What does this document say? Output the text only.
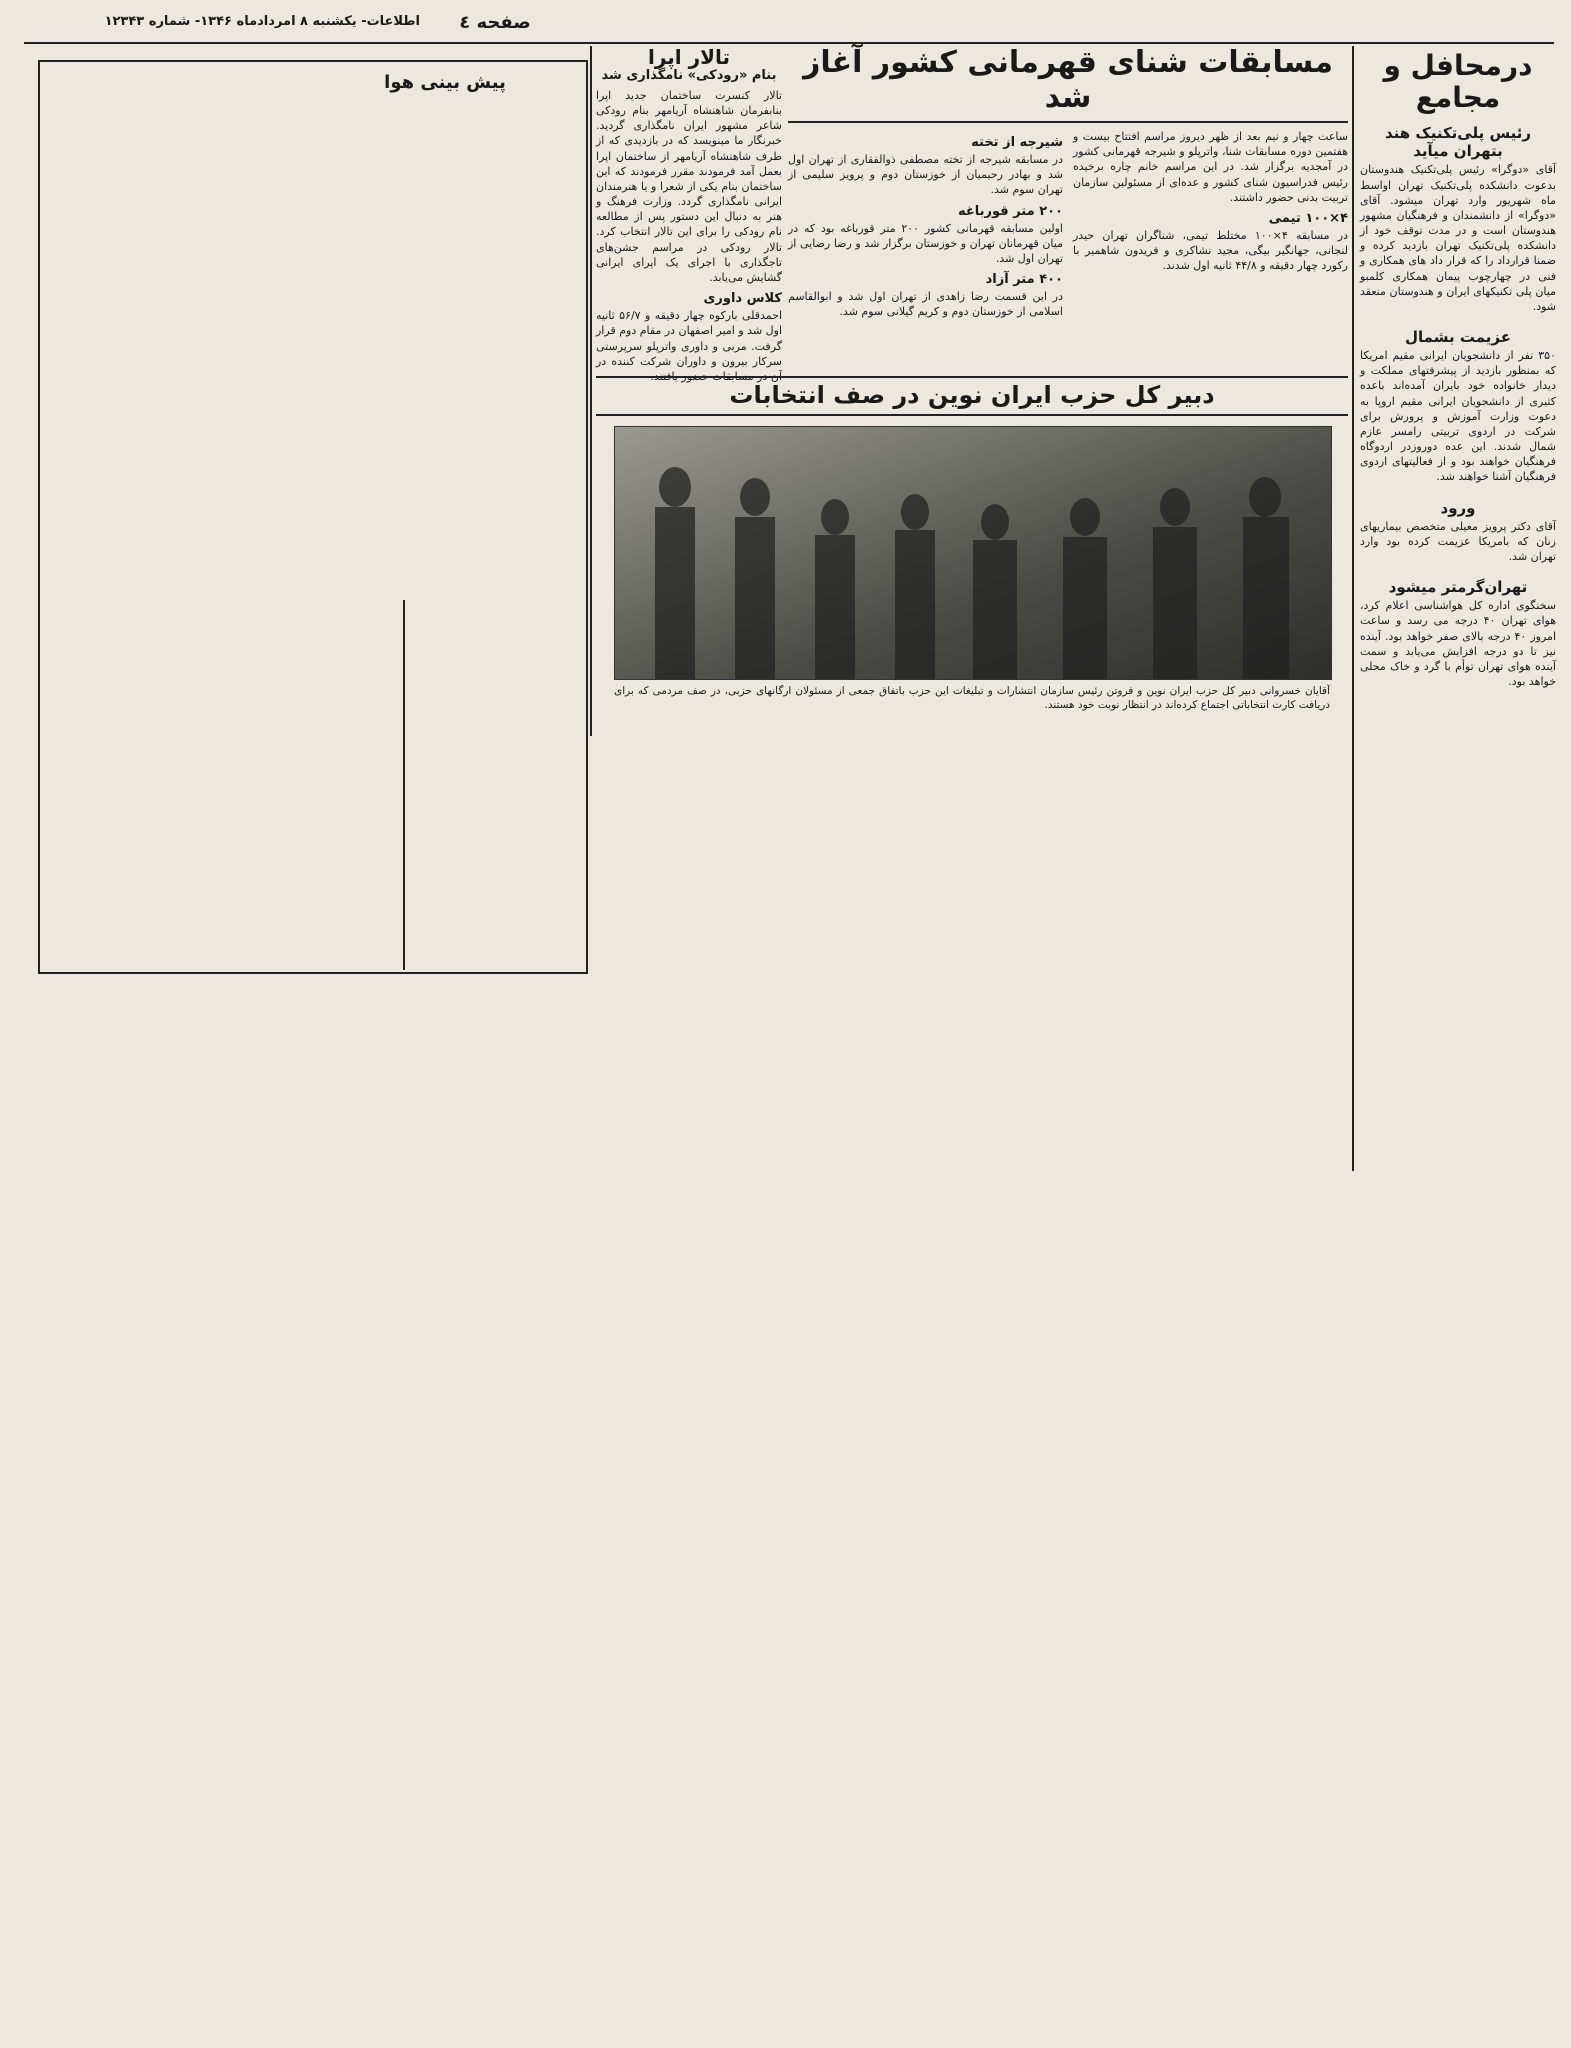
اطلاعات- یکشنبه ۸ امردادماه ۱۳۴۶- شماره ۱۲۳۴۳	صفحه ٤
درمحافل و مجامع
رئیس پلی‌تکنیک هند بتهران میآید
آقای «دوگرا» رئیس پلی‌تکنیک هندوستان بدعوت دانشکده پلی‌تکنیک تهران اواسط ماه شهریور وارد تهران میشود. آقای «دوگرا» از دانشمندان و فرهنگیان مشهور هندوستان است و در مدت توقف خود از دانشکده پلی‌تکنیک تهران بازدید کرده و ضمنا قرارداد را که قرار داد های همکاری و فنی در چهارچوب پیمان همکاری کلمبو میان پلی تکنیکهای ایران و هندوستان منعقد شود.
عزیمت بشمال
۳۵۰ نفر از دانشجویان ایرانی مقیم امریکا که بمنظور بازدید از پیشرفتهای مملکت و دیدار خانواده خود بایران آمده‌اند باعده کثیری از دانشجویان ایرانی مقیم اروپا به دعوت وزارت آموزش و پرورش برای شرکت در اردوی تربیتی رامسر عازم شمال شدند. این عده دوروزدر اردوگاه فرهنگیان خواهند بود و از فعالیتهای اردوی فرهنگیان آشنا خواهند شد.
ورود
آقای دکتر پرویز معیلی متخصص بیماریهای زنان که بامریکا عزیمت کرده بود وارد تهران شد.
تهران‌گرمتر میشود
سخنگوی اداره کل هواشناسی اعلام کرد، هوای تهران ۴۰ درجه می رسد و ساعت امروز ۴۰ درجه بالای صفر خواهد بود. آینده نیز تا دو درجه افزایش می‌یابد و سمت آینده هوای تهران توأم با گرد و خاک محلی خواهد بود.
مسابقات شنای قهرمانی کشور آغاز شد
ساعت چهار و نیم بعد از ظهر دیروز مراسم افتتاح بیست و هفتمین دوره مسابقات شنا، واترپلو و شیرجه قهرمانی کشور در آمجدیه برگزار شد. در این مراسم خانم چاره برخیده رئیس فدراسیون شنای کشور و عده‌ای از مسئولین سازمان تربیت بدنی حضور داشتند.
۴×۱۰۰ تیمی
در مسابقه ۴×۱۰۰ مختلط تیمی، شناگران تهران حیدر لنجانی، جهانگیر بیگی، مجید نشاکری و فریدون شاهمیر با رکورد چهار دقیقه و ۴۴/۸ ثانیه اول شدند.
شیرجه از تخته
در مسابقه شیرجه از تخته مصطفی ذوالفقاری از تهران اول شد و بهادر رحیمیان از خوزستان دوم و پرویز سلیمی از تهران سوم شد.
۲۰۰ متر قورباغه
اولین مسابقه قهرمانی کشور ۲۰۰ متر قورباغه بود که در میان قهرمانان تهران و خوزستان برگزار شد و رضا رضایی از تهران اول شد.
۴۰۰ متر آزاد
در این قسمت رضا زاهدی از تهران اول شد و ابوالقاسم اسلامی از خوزستان دوم و کریم گیلانی سوم شد.
تالار اپرا
بنام «رودکی» نامگذاری شد
تالار کنسرت ساختمان جدید اپرا بنابفرمان شاهنشاه آریامهر بنام رودکی شاعر مشهور ایران نامگذاری گردید. خبرنگار ما مینویسد که در بازدیدی که از طرف شاهنشاه آریامهر از ساختمان اپرا بعمل آمد فرمودند مقرر فرمودند که این ساختمان بنام یکی از شعرا و یا هنرمندان ایرانی نامگذاری گردد. وزارت فرهنگ و هنر به دنبال این دستور پس از مطالعه نام رودکی را برای این تالار انتخاب کرد. تالار رودکی در مراسم جشن‌های تاجگذاری با اجرای یک اپرای ایرانی گشایش می‌یابد.
کلاس داوری
احمدقلی بارکوه چهار دقیقه و ۵۶/۷ ثانیه اول شد و امیر اصفهان در مقام دوم قرار گرفت. مربی و داوری واترپلو سرپرستی سرکار بیرون و داوران شرکت کننده در آن در مسابقات حضور یافتند.
دبیر کل حزب ایران نوین در صف انتخابات
آقایان خسروانی دبیر کل حزب ایران نوین و فروتن رئیس سازمان انتشارات و تبلیغات این حزب باتفاق جمعی از مسئولان ارگانهای حزبی، در صف مردمی که برای دریافت کارت انتخاباتی اجتماع کرده‌اند در انتظار نوبت خود هستند.
پیش بینی هوا
